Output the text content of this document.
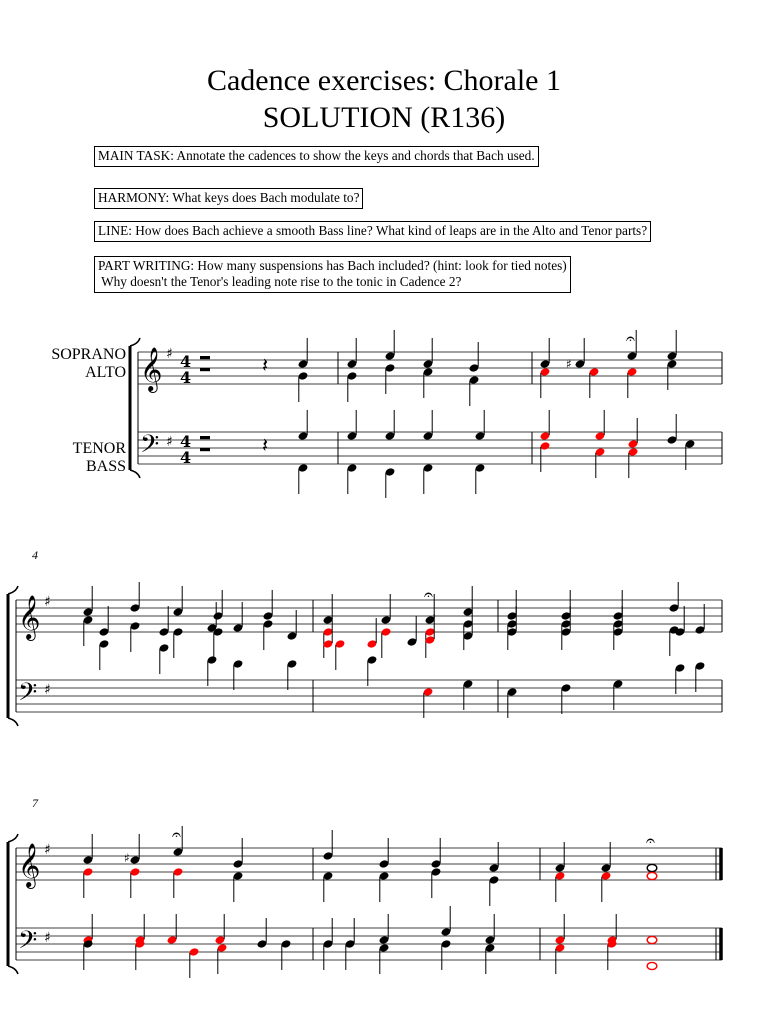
Cadence exercises: Chorale 1
SOLUTION (R136)
MAIN TASK: Annotate the cadences to show the keys and chords that Bach used.
HARMONY: What keys does Bach modulate to?
LINE: How does Bach achieve a smooth Bass line? What kind of leaps are in the Alto and Tenor parts?
PART WRITING: How many suspensions has Bach included? (hint: look for tied notes)
Why doesn't the Tenor's leading note rise to the tonic in Cadence 2?
SOPRANO
ALTO
TENOR
BASS
4
7
𝄞
𝄢
♯
♯
4
4
4
4
𝄞
𝄢
♯
♯
𝄞
𝄢
♯
♯
𝄽
𝄽
♯
𝄐
𝄐
♯
𝄐	𝄐
